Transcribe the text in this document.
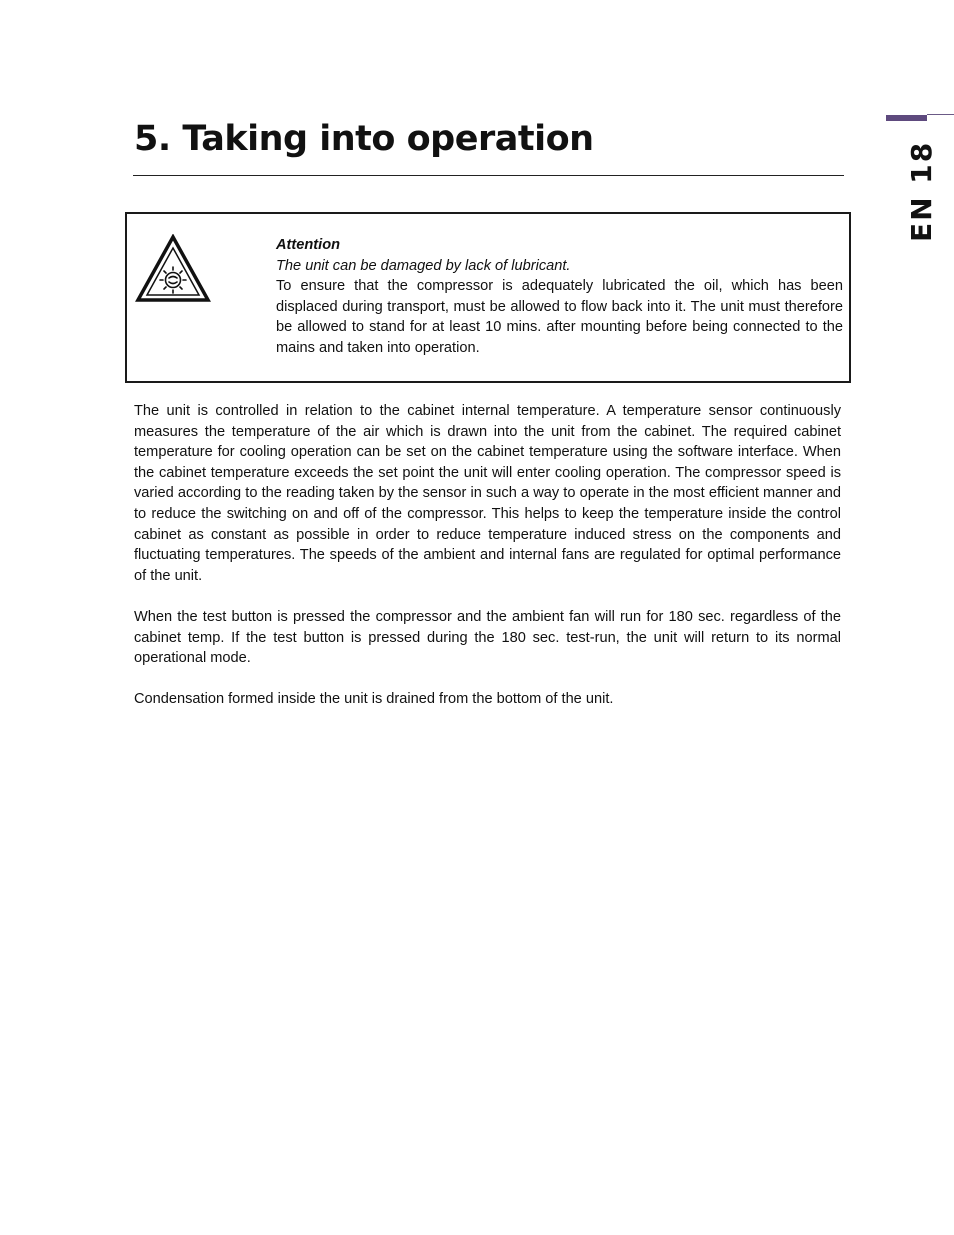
5. Taking into operation
EN 18
Attention
The unit can be damaged by lack of lubricant.
To ensure that the compressor is adequately lubricated the oil, which has been displaced during transport, must be allowed to flow back into it. The unit must therefore be allowed to stand for at least 10 mins. after mounting before being connected to the mains and taken into operation.

The unit is controlled in relation to the cabinet internal temperature. A temperature sensor continuously measures the temperature of the air which is drawn into the unit from the cabinet. The required cabinet temperature for cooling operation can be set on the cabinet temperature using the software interface. When the cabinet temperature exceeds the set point the unit will enter cooling operation. The compressor speed is varied according to the reading taken by the sensor in such a way to operate in the most efficient manner and to reduce the switching on and off of the compressor. This helps to keep the temperature inside the control cabinet as constant as possible in order to reduce temperature induced stress on the components and fluctuating temperatures. The speeds of the ambient and internal fans are regulated for optimal performance of the unit.

When the test button is pressed the compressor and the ambient fan will run for 180 sec. regardless of the cabinet temp. If the test button is pressed during the 180 sec. test-run, the unit will return to its normal operational mode.

Condensation formed inside the unit is drained from the bottom of the unit.
